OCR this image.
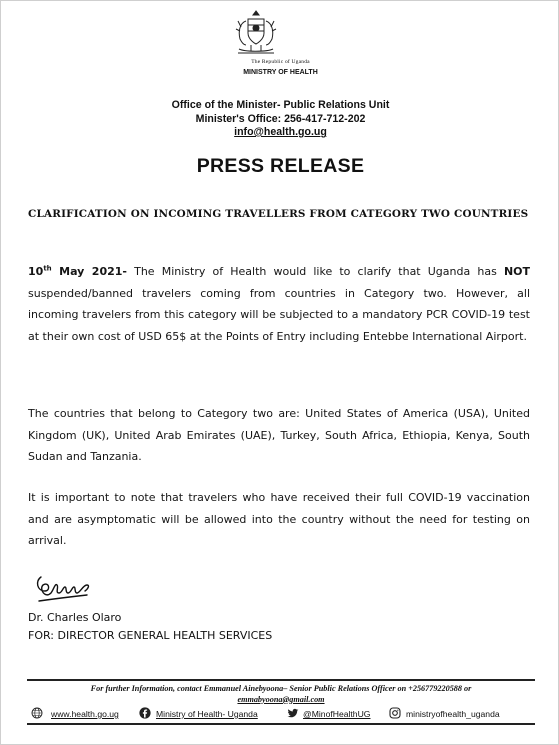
The Republic of Uganda
MINISTRY OF HEALTH
Office of the Minister- Public Relations Unit
Minister's Office: 256-417-712-202
info@health.go.ug
PRESS RELEASE
CLARIFICATION ON INCOMING TRAVELLERS FROM CATEGORY TWO COUNTRIES
10th May 2021- The Ministry of Health would like to clarify that Uganda has NOT suspended/banned travelers coming from countries in Category two. However, all incoming travelers from this category will be subjected to a mandatory PCR COVID-19 test at their own cost of USD 65$ at the Points of Entry including Entebbe International Airport.
The countries that belong to Category two are: United States of America (USA), United Kingdom (UK), United Arab Emirates (UAE), Turkey, South Africa, Ethiopia, Kenya, South Sudan and Tanzania.
It is important to note that travelers who have received their full COVID-19 vaccination and are asymptomatic will be allowed into the country without the need for testing on arrival.
Dr. Charles Olaro
FOR: DIRECTOR GENERAL HEALTH SERVICES
For further Information, contact Emmanuel Ainebyoona– Senior Public Relations Officer on +256779220588 or
emmabyoona@gmail.com
www.health.go.ug	Ministry of Health- Uganda	@MinofHealthUG	ministryofhealth_uganda
